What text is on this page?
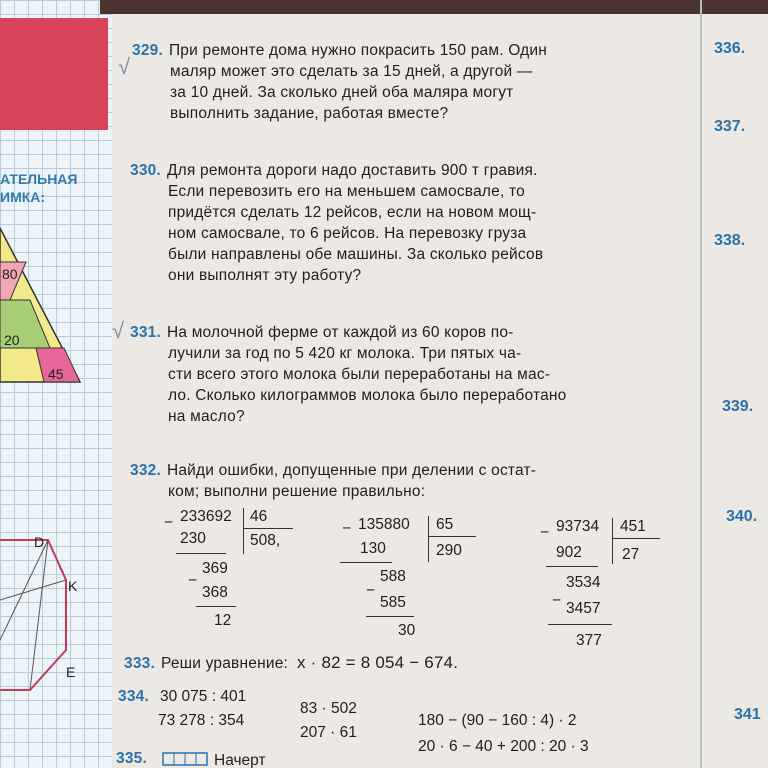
АТЕЛЬНАЯ
ИМКА:
80
20
45
D
K
E
336.
337.
338.
339.
340.
341
√
√
329. При ремонте дома нужно покрасить 150 рам. Один
маляр может это сделать за 15 дней, а другой —
за 10 дней. За сколько дней оба маляра могут
выполнить задание, работая вместе?
330. Для ремонта дороги надо доставить 900 т гравия.
Если перевозить его на меньшем самосвале, то
придётся сделать 12 рейсов, если на новом мощ-
ном самосвале, то 6 рейсов. На перевозку груза
были направлены обе машины. За сколько рейсов
они выполнят эту работу?
331. На молочной ферме от каждой из 60 коров по-
лучили за год по 5 420 кг молока. Три пятых ча-
сти всего этого молока были переработаны на мас-
ло. Сколько килограммов молока было переработано
на масло?
332. Найди ошибки, допущенные при делении с остат-
ком; выполни решение правильно:
− 233692 46
230	508,
−
369
368
12
− 135880 65
130	290
−
588
585
30
− 93734 451
902	27
−
3534
3457
377
333. Реши уравнение: x · 82 = 8 054 − 674.
334. 30 075 : 401
73 278 : 354
83 · 502
207 · 61
180 − (90 − 160 : 4) · 2
20 · 6 − 40 + 200 : 20 · 3
335.	Начерт
